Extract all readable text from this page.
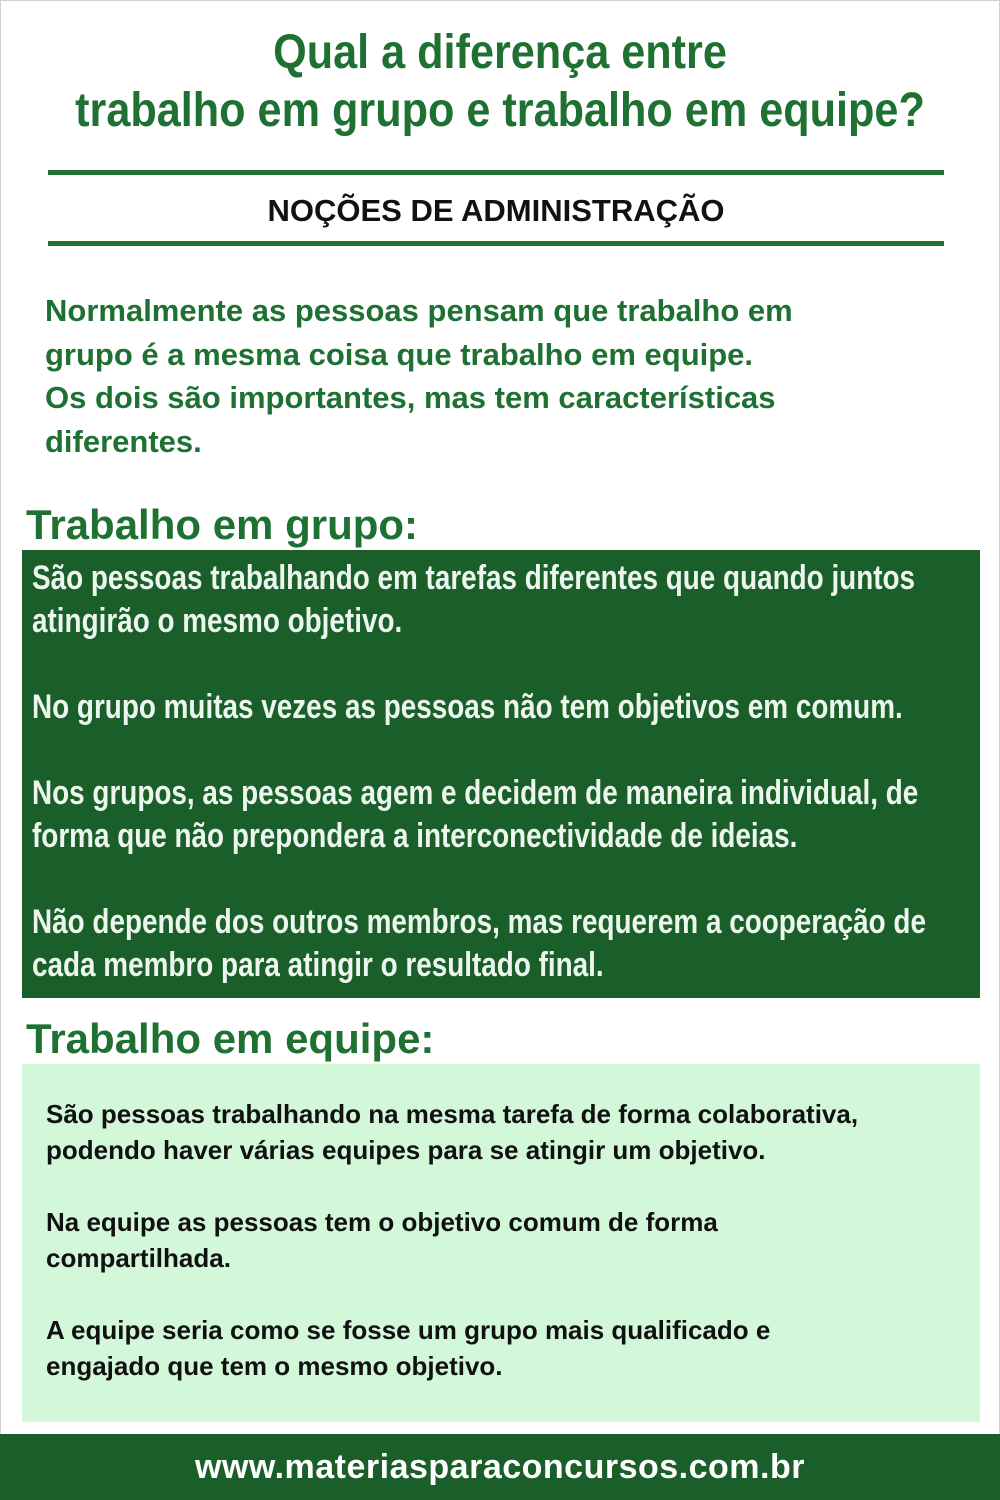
Qual a diferença entre
trabalho em grupo e trabalho em equipe?
NOÇÕES DE ADMINISTRAÇÃO
Normalmente as pessoas pensam que trabalho em
grupo é a mesma coisa que trabalho em equipe.
Os dois são importantes, mas tem características
diferentes.
Trabalho em grupo:
São pessoas trabalhando em tarefas diferentes que quando juntos
atingirão o mesmo objetivo.
No grupo muitas vezes as pessoas não tem objetivos em comum.
Nos grupos, as pessoas agem e decidem de maneira individual, de
forma que não prepondera a interconectividade de ideias.
Não depende dos outros membros, mas requerem a cooperação de
cada membro para atingir o resultado final.
Trabalho em equipe:
São pessoas trabalhando na mesma tarefa de forma colaborativa,
podendo haver várias equipes para se atingir um objetivo.
Na equipe as pessoas tem o objetivo comum de forma
compartilhada.
A equipe seria como se fosse um grupo mais qualificado e
engajado que tem o mesmo objetivo.
www.materiasparaconcursos.com.br
